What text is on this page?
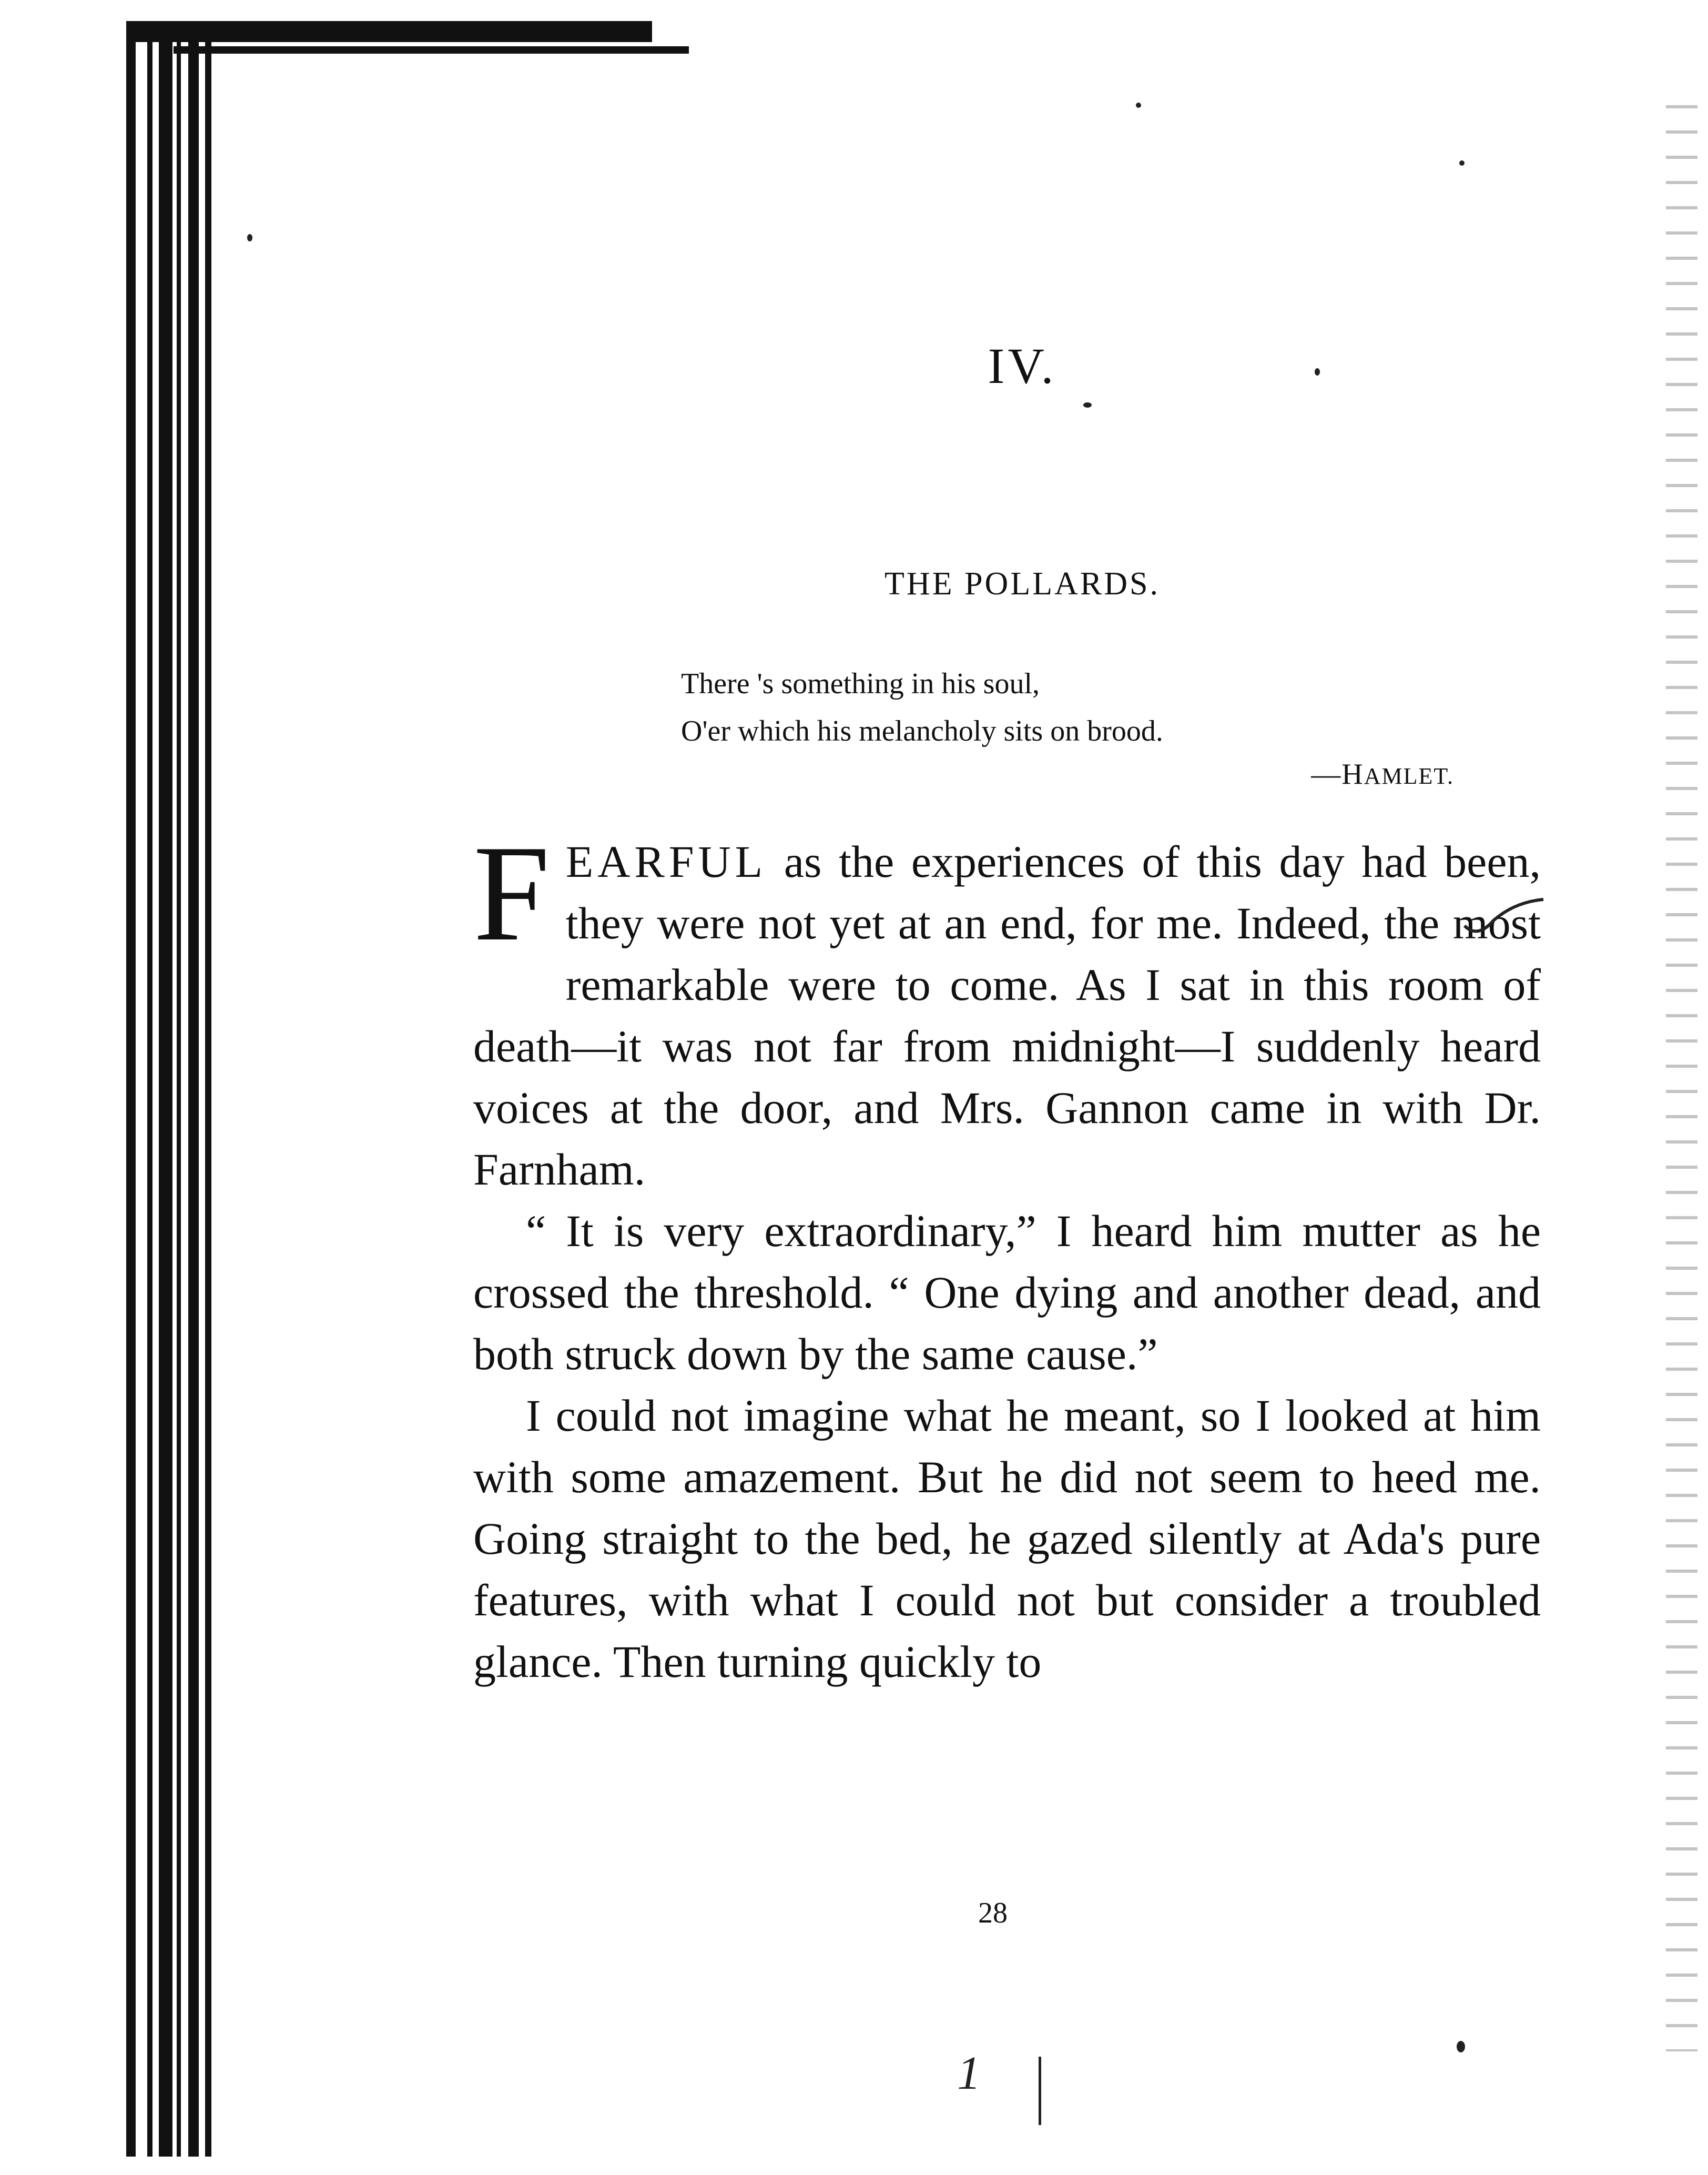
IV.
THE POLLARDS.
There 's something in his soul,
O'er which his melancholy sits on brood.
—HAMLET.

FEARFUL as the experiences of this day had been, they were not yet at an end, for me. Indeed, the most remarkable were to come. As I sat in this room of death—it was not far from midnight—I suddenly heard voices at the door, and Mrs. Gannon came in with Dr. Farnham.

“ It is very extraordinary,” I heard him mutter as he crossed the threshold. “ One dying and another dead, and both struck down by the same cause.”

I could not imagine what he meant, so I looked at him with some amazement. But he did not seem to heed me. Going straight to the bed, he gazed silently at Ada's pure features, with what I could not but consider a troubled glance. Then turning quickly to

28
1
